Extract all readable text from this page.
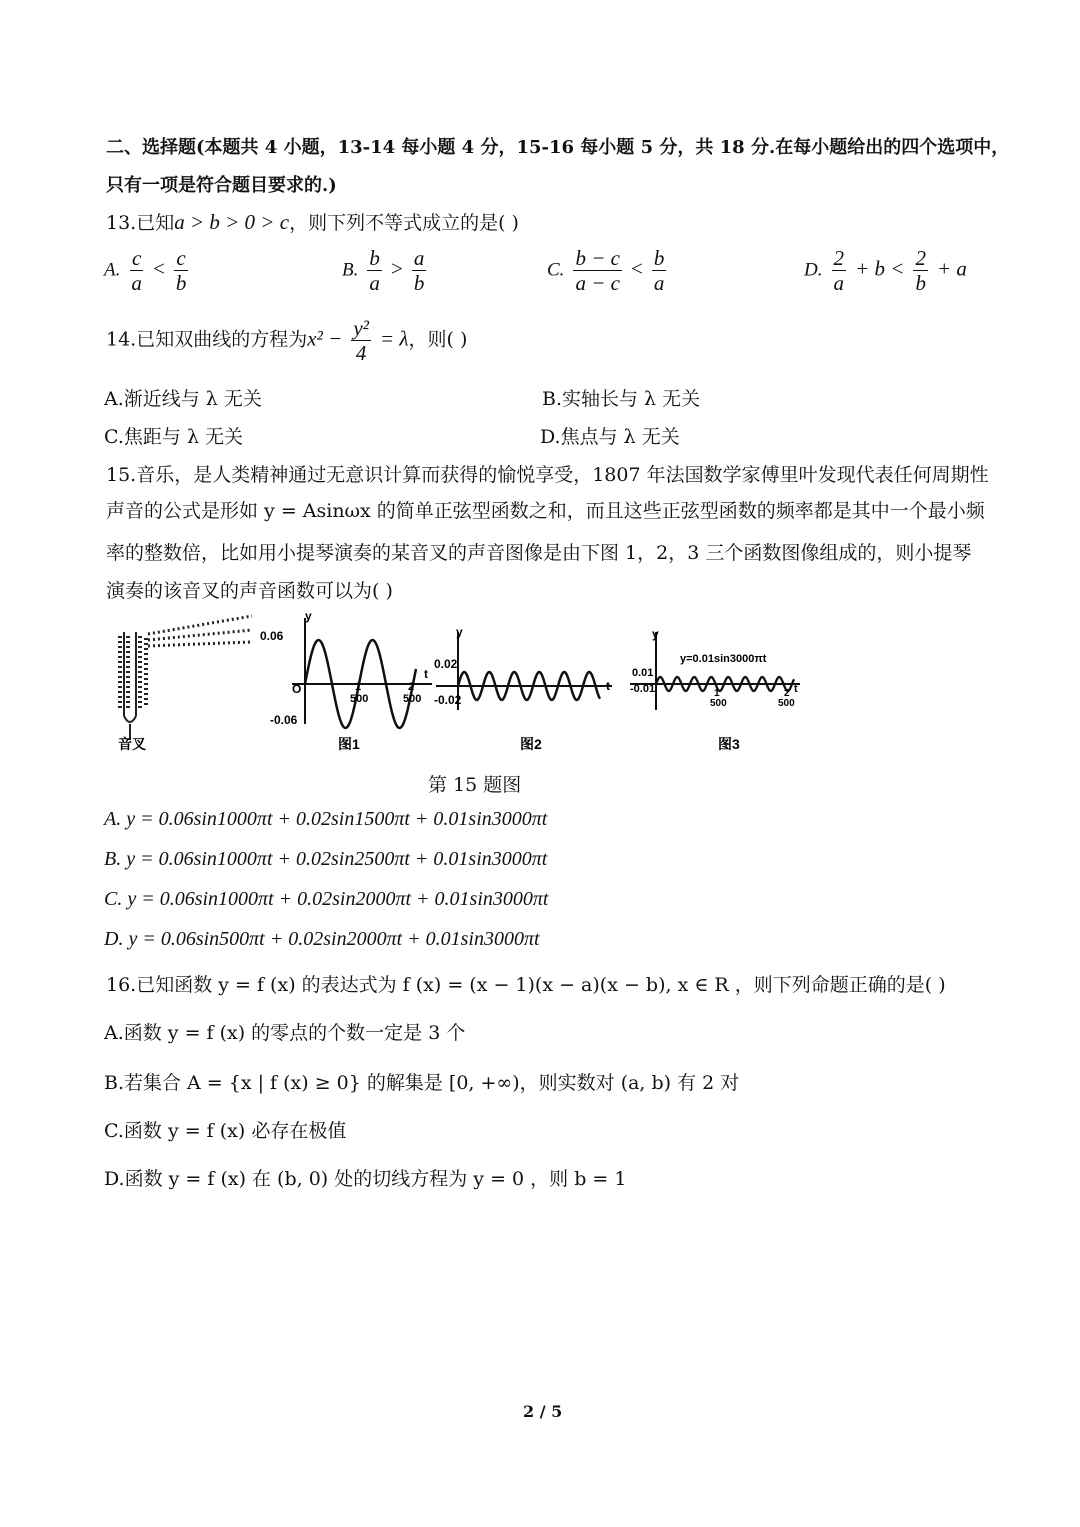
二、选择题(本题共 4 小题，13-14 每小题 4 分，15-16 每小题 5 分，共 18 分.在每小题给出的四个选项中，
只有一项是符合题目要求的.)
13.已知a > b > 0 > c，则下列不等式成立的是( )
A. $\frac{c}{a} < \frac{c}{b}$	B. $\frac{b}{a} > \frac{a}{b}$	C. $\frac{b - c}{a - c} < \frac{b}{a}$	D. $\frac{2}{a} + b < \frac{2}{b} + a$
14.已知双曲线的方程为$x^2 - \frac{\text{y²}}{4} = \lambda$，则( )
A.渐近线与 λ 无关	B.实轴长与 λ 无关
C.焦距与 λ 无关	D.焦点与 λ 无关
15.音乐，是人类精神通过无意识计算而获得的愉悦享受，1807 年法国数学家傅里叶发现代表任何周期性
声音的公式是形如 y = Asinωx 的简单正弦型函数之和，而且这些正弦型函数的频率都是其中一个最小频
率的整数倍，比如用小提琴演奏的某音叉的声音图像是由下图 1，2，3 三个函数图像组成的，则小提琴
演奏的该音叉的声音函数可以为( )
音叉
y
0.06
O
-0.06
1
500
2
500
t
图1
y
0.02
-0.02
t
图2
y
y=0.01sin3000πt
0.01
-0.01	1
500
2
500
t
图3
第 15 题图
A. y = 0.06sin1000πt + 0.02sin1500πt + 0.01sin3000πt
B. y = 0.06sin1000πt + 0.02sin2500πt + 0.01sin3000πt
C. y = 0.06sin1000πt + 0.02sin2000πt + 0.01sin3000πt
D. y = 0.06sin500πt + 0.02sin2000πt + 0.01sin3000πt
16.已知函数 y = f (x) 的表达式为 f (x) = (x − 1)(x − a)(x − b), x ∈ R ，则下列命题正确的是( )
A.函数 y = f (x) 的零点的个数一定是 3 个
B.若集合 A = {x | f (x) ≥ 0} 的解集是 [0, +∞)，则实数对 (a, b) 有 2 对
C.函数 y = f (x) 必存在极值
D.函数 y = f (x) 在 (b, 0) 处的切线方程为 y = 0 ，则 b = 1
2 / 5
